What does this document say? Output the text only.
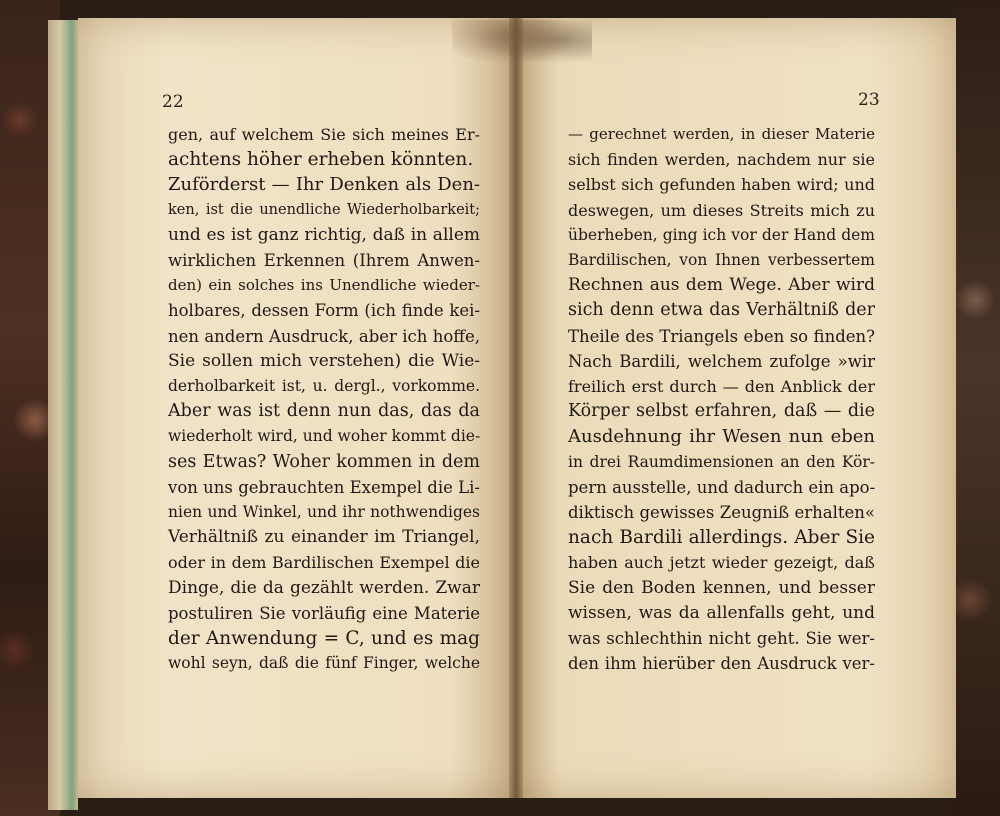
22	23
gen, auf welchem Sie sich meines Er-
achtens höher erheben könnten.
Zuförderst — Ihr Denken als Den-
ken, ist die unendliche Wiederholbarkeit;
und es ist ganz richtig, daß in allem
wirklichen Erkennen (Ihrem Anwen-
den) ein solches ins Unendliche wieder-
holbares, dessen Form (ich finde kei-
nen andern Ausdruck, aber ich hoffe,
Sie sollen mich verstehen) die Wie-
derholbarkeit ist, u. dergl., vorkomme.
Aber was ist denn nun das, das da
wiederholt wird, und woher kommt die-
ses Etwas? Woher kommen in dem
von uns gebrauchten Exempel die Li-
nien und Winkel, und ihr nothwendiges
Verhältniß zu einander im Triangel,
oder in dem Bardilischen Exempel die
Dinge, die da gezählt werden. Zwar
postuliren Sie vorläufig eine Materie
der Anwendung = C, und es mag
wohl seyn, daß die fünf Finger, welche
— gerechnet werden, in dieser Materie
sich finden werden, nachdem nur sie
selbst sich gefunden haben wird; und
deswegen, um dieses Streits mich zu
überheben, ging ich vor der Hand dem
Bardilischen, von Ihnen verbessertem
Rechnen aus dem Wege. Aber wird
sich denn etwa das Verhältniß der
Theile des Triangels eben so finden?
Nach Bardili, welchem zufolge »wir
freilich erst durch — den Anblick der
Körper selbst erfahren, daß — die
Ausdehnung ihr Wesen nun eben
in drei Raumdimensionen an den Kör-
pern ausstelle, und dadurch ein apo-
diktisch gewisses Zeugniß erhalten«
nach Bardili allerdings. Aber Sie
haben auch jetzt wieder gezeigt, daß
Sie den Boden kennen, und besser
wissen, was da allenfalls geht, und
was schlechthin nicht geht. Sie wer-
den ihm hierüber den Ausdruck ver-
